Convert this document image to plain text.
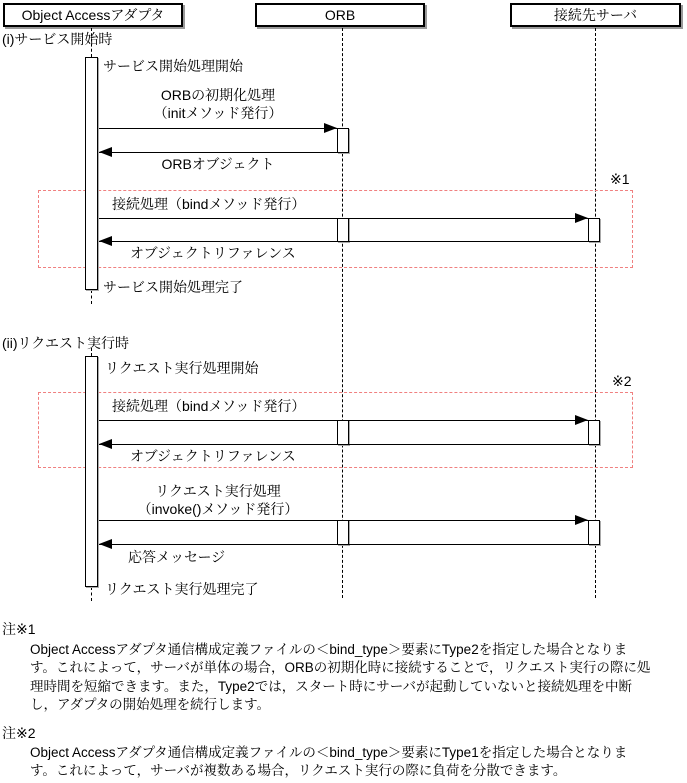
Object Accessアダプタ	ORB	接続先サーバ
(i)サービス開始時
(ii)リクエスト実行時
※1
※2
サービス開始処理開始
ORBの初期化処理
（initメソッド発行）
ORBオブジェクト
接続処理（bindメソッド発行）
オブジェクトリファレンス
サービス開始処理完了
リクエスト実行処理開始
接続処理（bindメソッド発行）
オブジェクトリファレンス
リクエスト実行処理
（invoke()メソッド発行）
応答メッセージ
リクエスト実行処理完了
注※1
Object Accessアダプタ通信構成定義ファイルの＜bind_type＞要素にType2を指定した場合となりま
す。これによって，サーバが単体の場合，ORBの初期化時に接続することで，リクエスト実行の際に処
理時間を短縮できます。また，Type2では，スタート時にサーバが起動していないと接続処理を中断
し，アダプタの開始処理を続行します。
注※2
Object Accessアダプタ通信構成定義ファイルの＜bind_type＞要素にType1を指定した場合となりま
す。これによって，サーバが複数ある場合，リクエスト実行の際に負荷を分散できます。
